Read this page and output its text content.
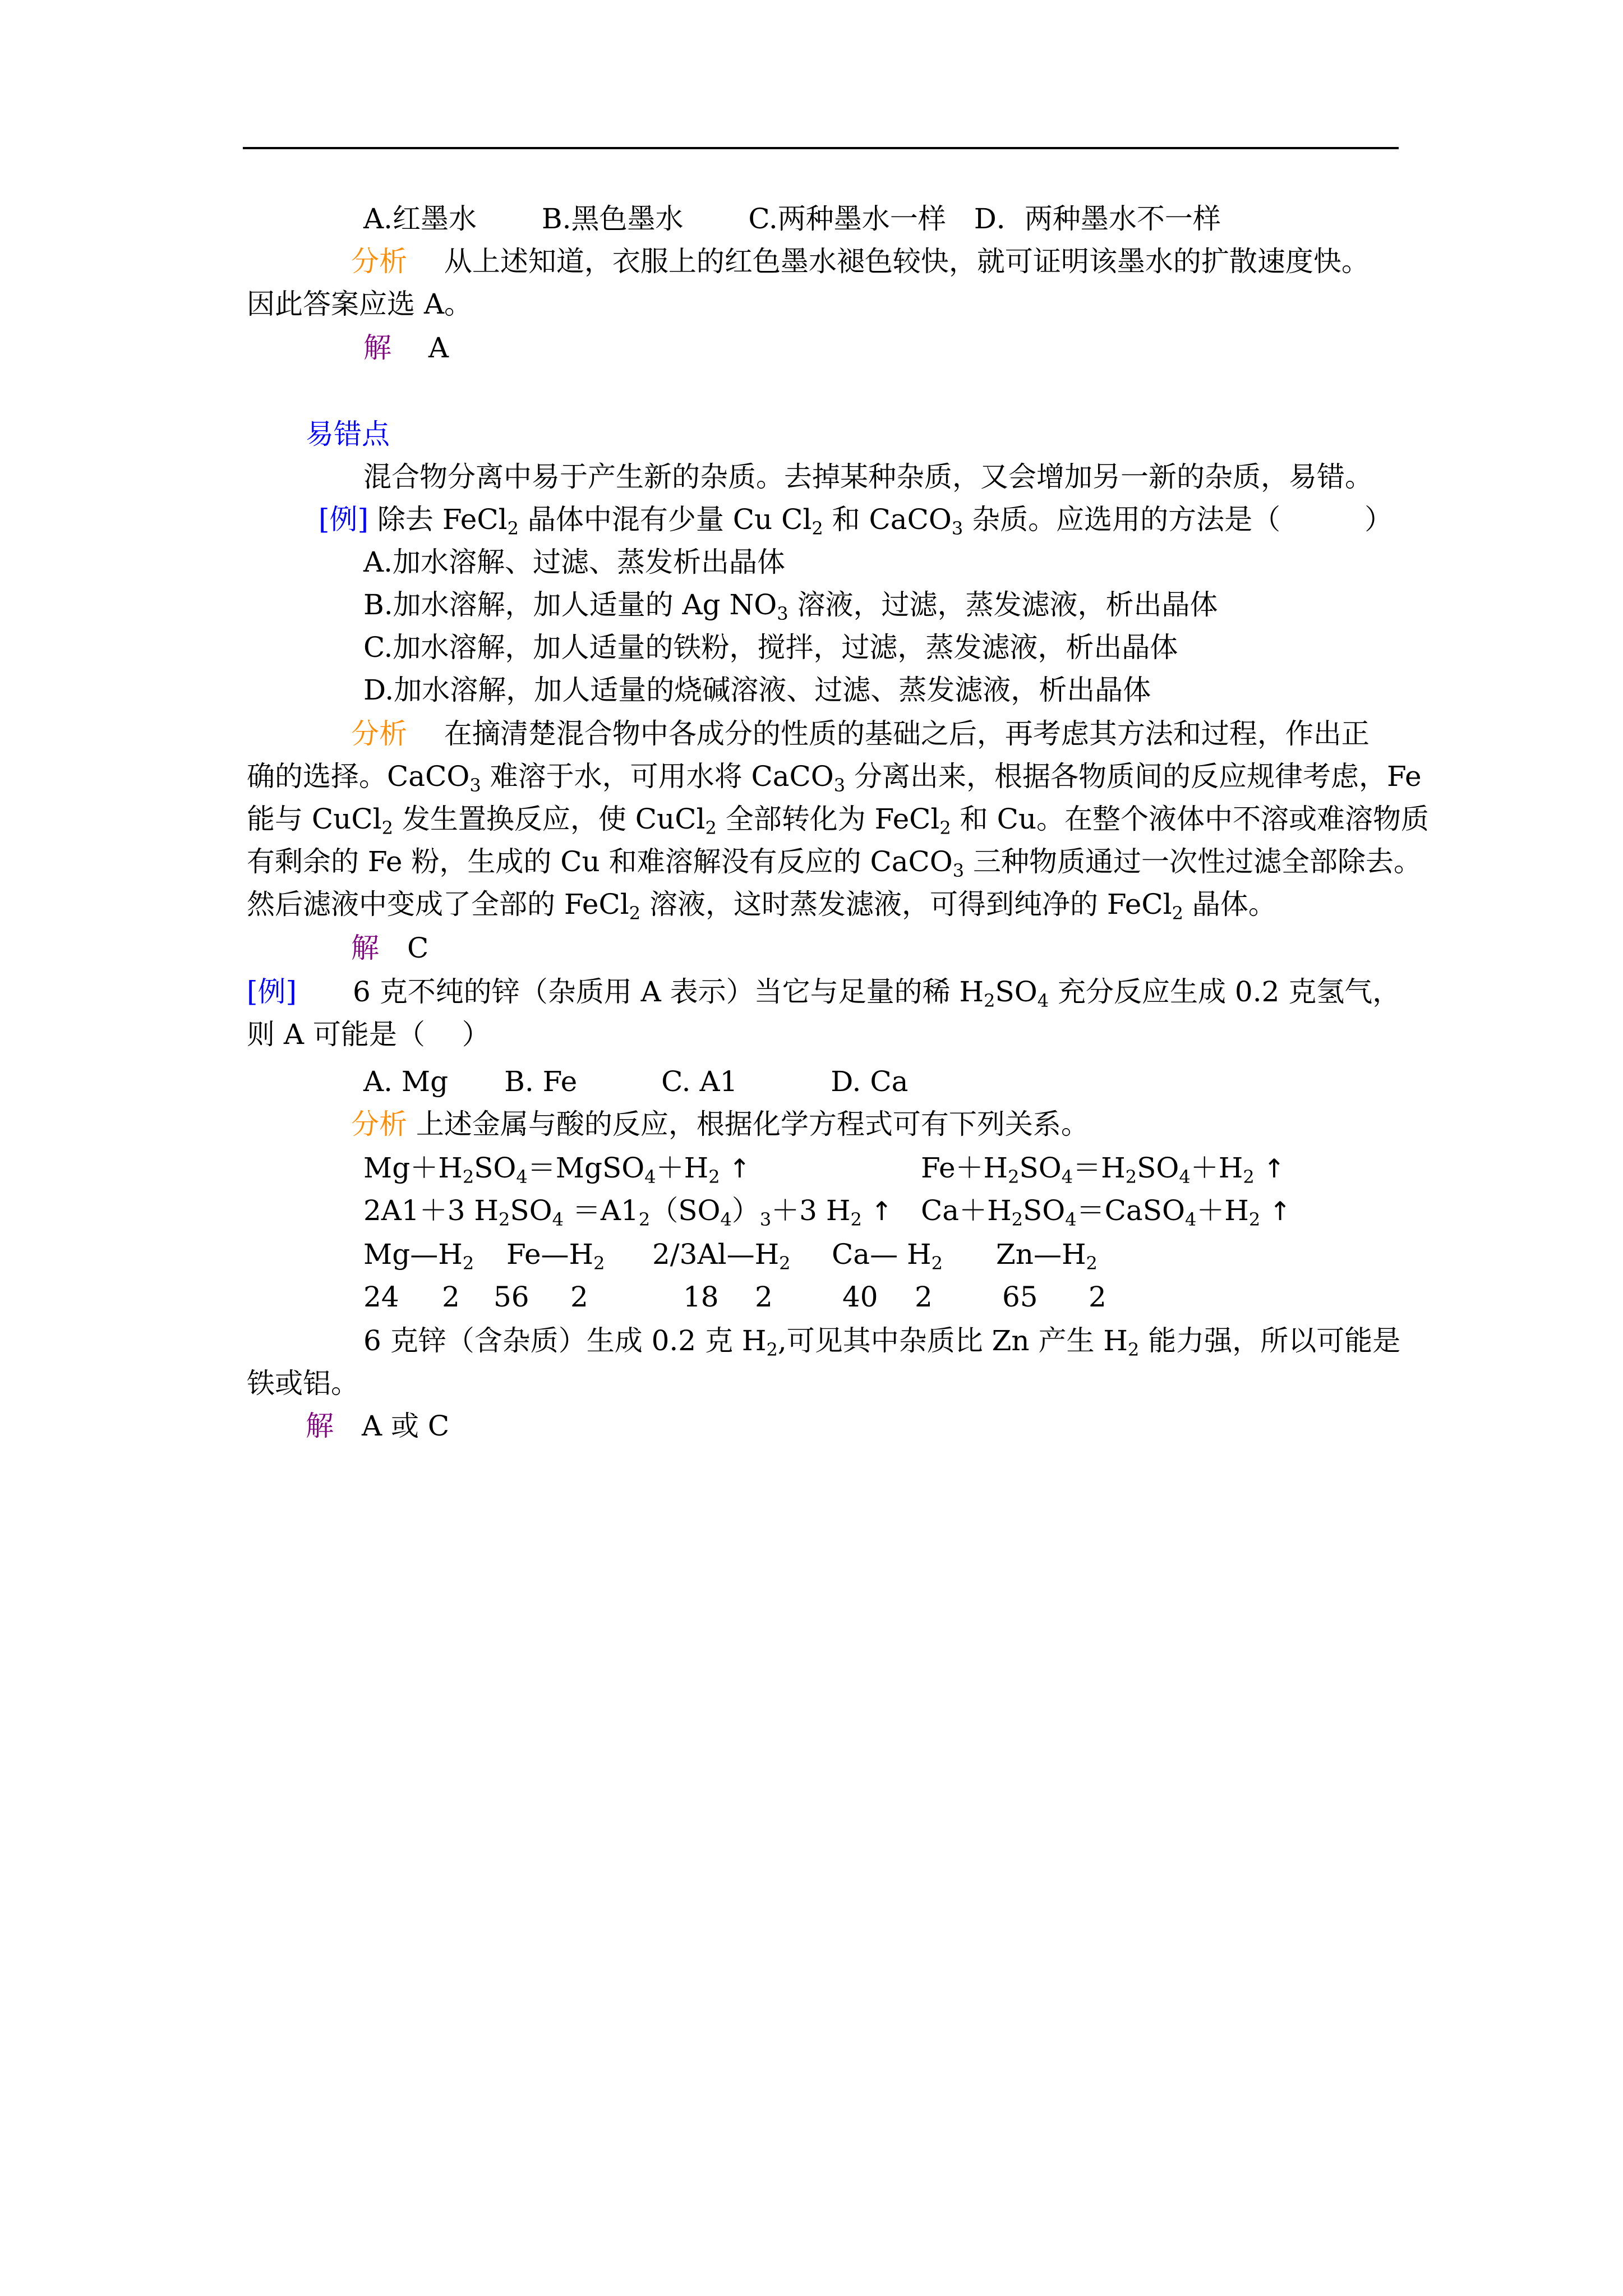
A.红墨水　　 B.黑色墨水　　 C.两种墨水一样　D．两种墨水不一样
分析　 从上述知道，衣服上的红色墨水褪色较快，就可证明该墨水的扩散速度快。
因此答案应选 A。
解　 A
易错点
混合物分离中易于产生新的杂质。去掉某种杂质，又会增加另一新的杂质，易错。
[例] 除去 FeCl$_2$ 晶体中混有少量 Cu $Cl_2$ 和 CaCO$_3$ 杂质。应选用的方法是（　　　）
A.加水溶解、过滤、蒸发析出晶体
B.加水溶解，加人适量的 Ag $NO_3$ 溶液，过滤，蒸发滤液，析出晶体
C.加水溶解，加人适量的铁粉，搅拌，过滤，蒸发滤液，析出晶体
D.加水溶解，加人适量的烧碱溶液、过滤、蒸发滤液，析出晶体
分析　 在摘清楚混合物中各成分的性质的基础之后，再考虑其方法和过程，作出正
确的选择。CaCO$_3$ 难溶于水，可用水将 CaCO$_3$ 分离出来，根据各物质间的反应规律考虑，Fe
能与 CuCl$_2$ 发生置换反应，使 CuCl$_2$ 全部转化为 FeCl$_2$ 和 Cu。在整个液体中不溶或难溶物质
有剩余的 Fe 粉，生成的 Cu 和难溶解没有反应的 CaCO$_3$ 三种物质通过一次性过滤全部除去。
然后滤液中变成了全部的 FeCl$_2$ 溶液，这时蒸发滤液，可得到纯净的 FeCl$_2$ 晶体。
解　 C
[例]　　 6 克不纯的锌（杂质用 A 表示）当它与足量的稀 $H_2SO_4$ 充分反应生成 0.2 克氢气，
则 A 可能是（　 ）
A. Mg　　B. Fe　　　C. A1　　　 D. Ca
分析 上述金属与酸的反应，根据化学方程式可有下列关系。
$Mg+H_2SO_4=MgSO_4+H_2$ ↑	$Fe+H_2SO_4=H_2SO_4+H_2$ ↑
2A1＋3 $H_2SO_4 =A1_2(SO_4)_3+3$ $H_2$ ↑ $Ca+H_2SO_4=CaSO_4+H_2$ ↑
$Mg—H_2$ $Fe—H_2$ $2/3Al—H_2$ Ca— $H_2$ $Zn—H_2$
24 2 56 2	18 2 40 2 65 2
6 克锌（含杂质）生成 0.2 克 $H_2$,可见其中杂质比 Zn 产生 $H_2$ 能力强，所以可能是
铁或铝。
解　 A 或 C
